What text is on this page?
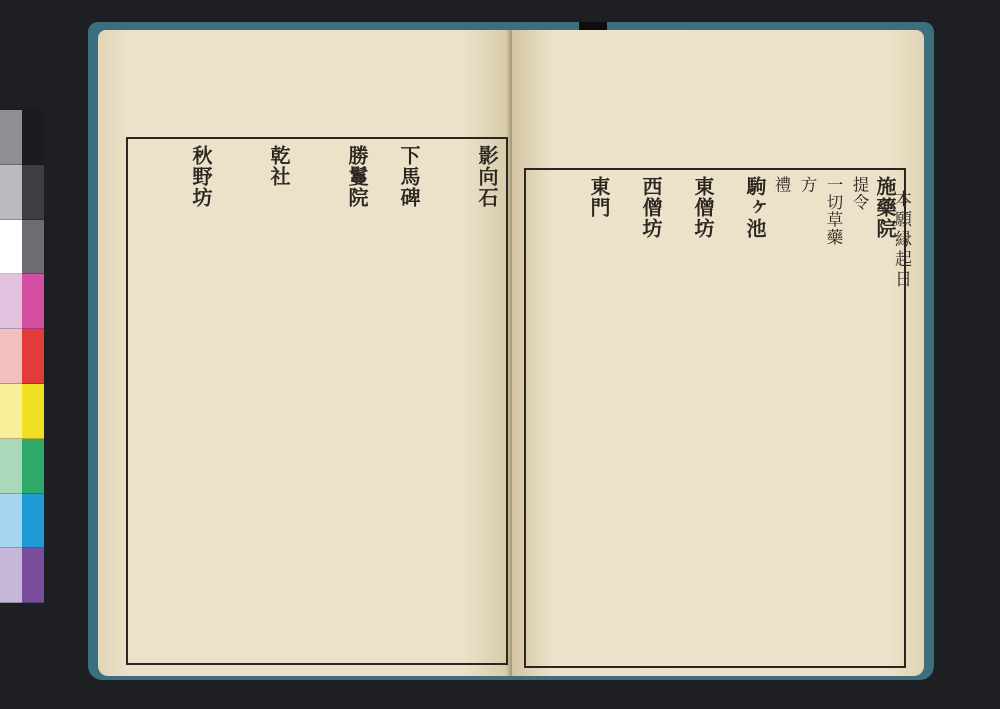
影向石
下馬碑
勝鬘院
乾社
秋野坊
本願縁起日
施藥院
提令
一切草藥
方
禮
駒ヶ池
東僧坊
西僧坊
東門
